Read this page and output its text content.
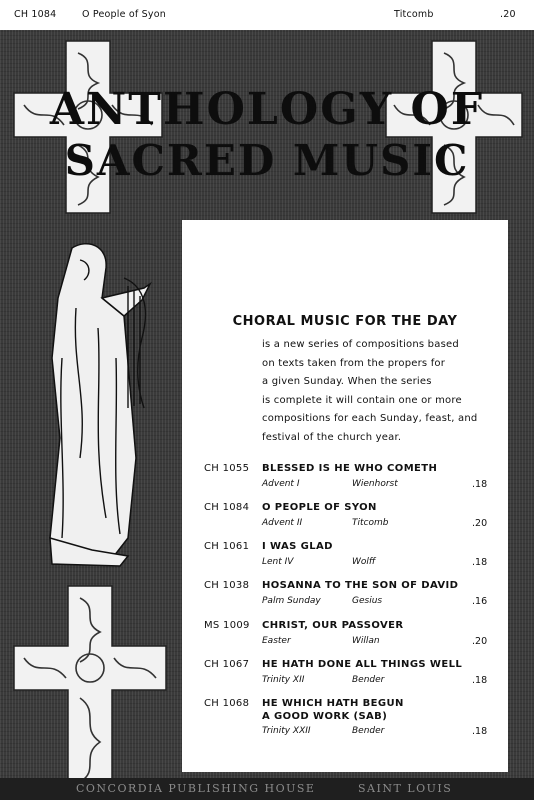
CH 1084	O People of Syon	Titcomb	.20
ANTHOLOGY OF
SACRED MUSIC
CHORAL MUSIC FOR THE DAY
is a new series of compositions based
on texts taken from the propers for
a given Sunday. When the series
is complete it will contain one or more
compositions for each Sunday, feast, and
festival of the church year.
CH 1055 BLESSED IS HE WHO COMETH
Advent I	Wienhorst	.18
CH 1084 O PEOPLE OF SYON
Advent II	Titcomb	.20
CH 1061 I WAS GLAD
Lent IV	Wolff	.18
CH 1038 HOSANNA TO THE SON OF DAVID
Palm Sunday	Gesius	.16
MS 1009 CHRIST, OUR PASSOVER
Easter	Willan	.20
CH 1067 HE HATH DONE ALL THINGS WELL
Trinity XII	Bender	.18
CH 1068 HE WHICH HATH BEGUN
A GOOD WORK (SAB)
Trinity XXII	Bender	.18
CONCORDIA PUBLISHING HOUSE	SAINT LOUIS
